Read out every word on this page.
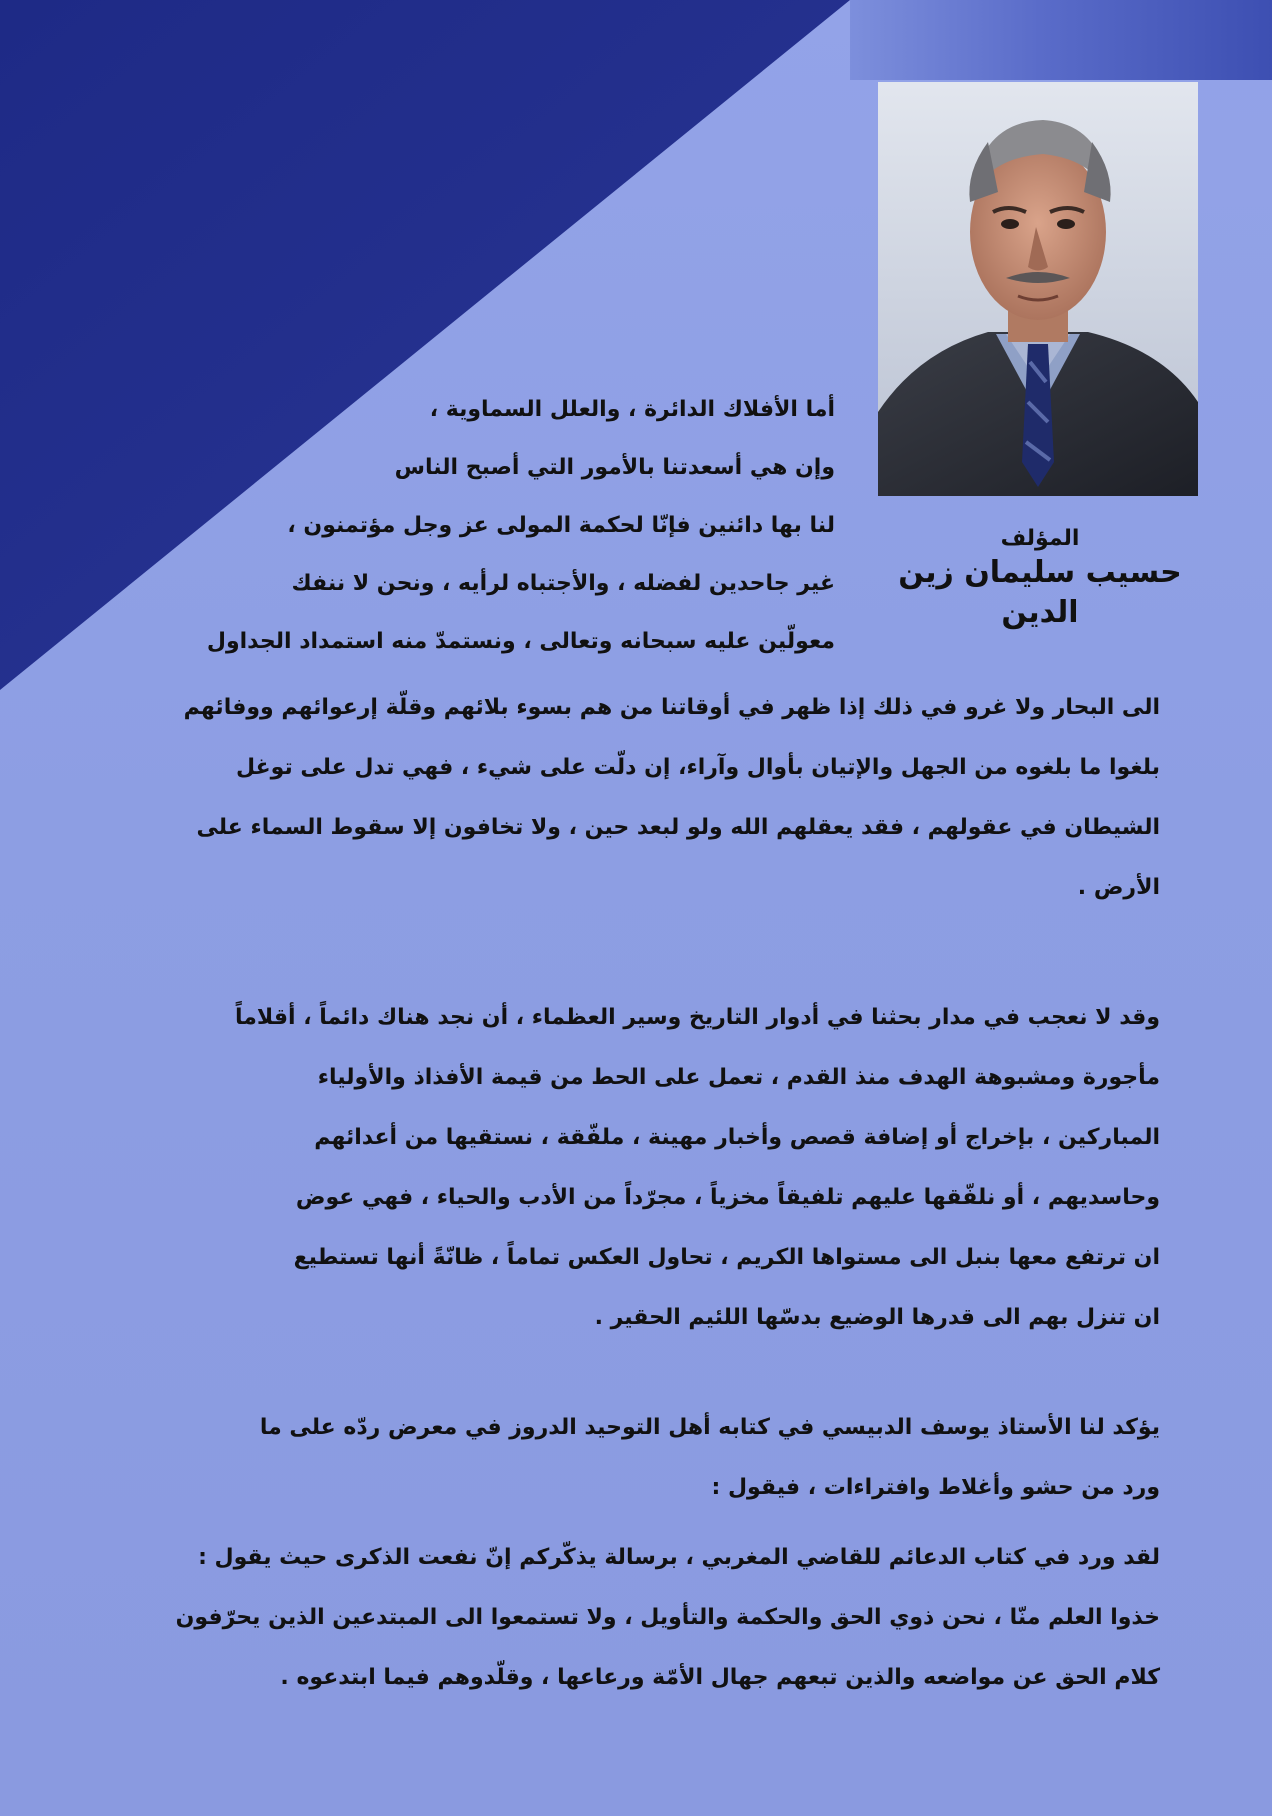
المؤلف
حسيب سليمان زين الدين
أما الأفلاك الدائرة ، والعلل السماوية ،
وإن هي أسعدتنا بالأمور التي أصبح الناس
لنا بها دائنين فإنّا لحكمة المولى عز وجل مؤتمنون ،
غير جاحدين لفضله ، والأجتباه لرأيه ، ونحن لا ننفك
معولّين عليه سبحانه وتعالى ، ونستمدّ منه استمداد الجداول
الى البحار ولا غرو في ذلك إذا ظهر في أوقاتنا من هم بسوء بلائهم وقلّة إرعوائهم ووفائهم
بلغوا ما بلغوه من الجهل والإتيان بأوال وآراء، إن دلّت على شيء ، فهي تدل على توغل
الشيطان في عقولهم ، فقد يعقلهم الله ولو لبعد حين ، ولا تخافون إلا سقوط السماء على
الأرض .
وقد لا نعجب في مدار بحثنا في أدوار التاريخ وسير العظماء ، أن نجد هناك دائماً ، أقلاماً
مأجورة ومشبوهة الهدف منذ القدم ، تعمل على الحط من قيمة الأفذاذ والأولياء
المباركين ، بإخراج أو إضافة قصص وأخبار مهينة ، ملفّقة ، نستقيها من أعدائهم
وحاسديهم ، أو نلفّقها عليهم تلفيقاً مخزياً ، مجرّداً من الأدب والحياء ، فهي عوض
ان ترتفع معها بنبل الى مستواها الكريم ، تحاول العكس تماماً ، ظانّةً أنها تستطيع
ان تنزل بهم الى قدرها الوضيع بدسّها اللئيم الحقير .
يؤكد لنا الأستاذ يوسف الدبيسي في كتابه أهل التوحيد الدروز في معرض ردّه على ما
ورد من حشو وأغلاط وافتراءات ، فيقول :
لقد ورد في كتاب الدعائم للقاضي المغربي ، برسالة يذكّركم إنّ نفعت الذكرى حيث يقول :
خذوا العلم منّا ، نحن ذوي الحق والحكمة والتأويل ، ولا تستمعوا الى المبتدعين الذين يحرّفون
كلام الحق عن مواضعه والذين تبعهم جهال الأمّة ورعاعها ، وقلّدوهم فيما ابتدعوه .
